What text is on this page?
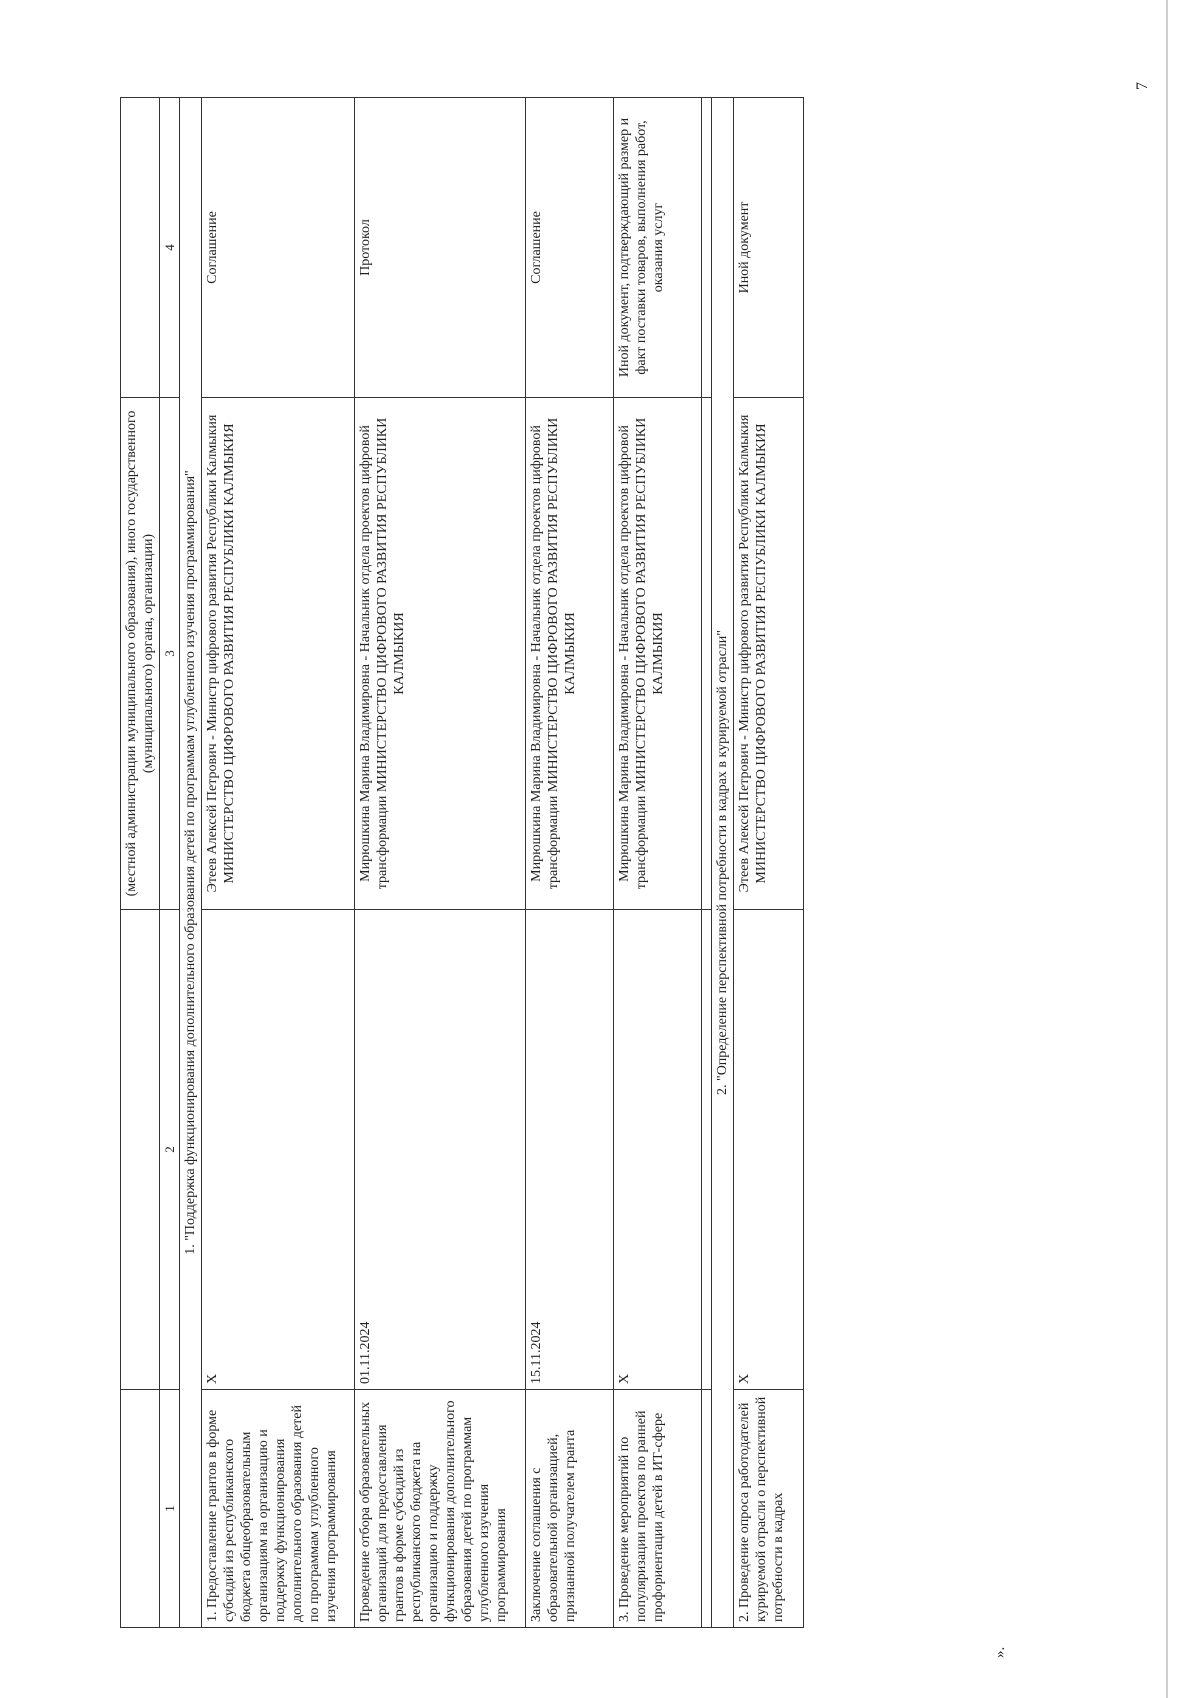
		(местной администрации муниципального образования), иного государственного (муниципального) органа, организации)	
1	2	3	4
1. "Поддержка функционирования дополнительного образования детей по программам углубленного изучения программирования"			
1. Предоставление грантов в форме субсидий из республиканского бюджета общеобразовательным организациям на организацию и поддержку функционирования дополнительного образования детей по программам углубленного изучения программирования	X	Этеев Алексей Петрович - Министр цифрового развития Республики Калмыкия МИНИСТЕРСТВО ЦИФРОВОГО РАЗВИТИЯ РЕСПУБЛИКИ КАЛМЫКИЯ	Соглашение
Проведение отбора образовательных организаций для предоставления грантов в форме субсидий из республиканского бюджета на организацию и поддержку функционирования дополнительного образования детей по программам углубленного изучения программирования	01.11.2024	Мирюшкина Марина Владимировна - Начальник отдела проектов цифровой трансформации МИНИСТЕРСТВО ЦИФРОВОГО РАЗВИТИЯ РЕСПУБЛИКИ КАЛМЫКИЯ	Протокол
Заключение соглашения с образовательной организацией, признанной получателем гранта	15.11.2024	Мирюшкина Марина Владимировна - Начальник отдела проектов цифровой трансформации МИНИСТЕРСТВО ЦИФРОВОГО РАЗВИТИЯ РЕСПУБЛИКИ КАЛМЫКИЯ	Соглашение
3. Проведение мероприятий по популяризации проектов по ранней профориентации детей в ИТ-сфере	X	Мирюшкина Марина Владимировна - Начальник отдела проектов цифровой трансформации МИНИСТЕРСТВО ЦИФРОВОГО РАЗВИТИЯ РЕСПУБЛИКИ КАЛМЫКИЯ	Иной документ, подтверждающий размер и факт поставки товаров, выполнения работ, оказания услуг

2. "Определение перспективной потребности в кадрах в курируемой отрасли"			
2. Проведение опроса работодателей курируемой отрасли о перспективной потребности в кадрах	X	Этеев Алексей Петрович - Министр цифрового развития Республики Калмыкия МИНИСТЕРСТВО ЦИФРОВОГО РАЗВИТИЯ РЕСПУБЛИКИ КАЛМЫКИЯ	Иной документ
».
7
